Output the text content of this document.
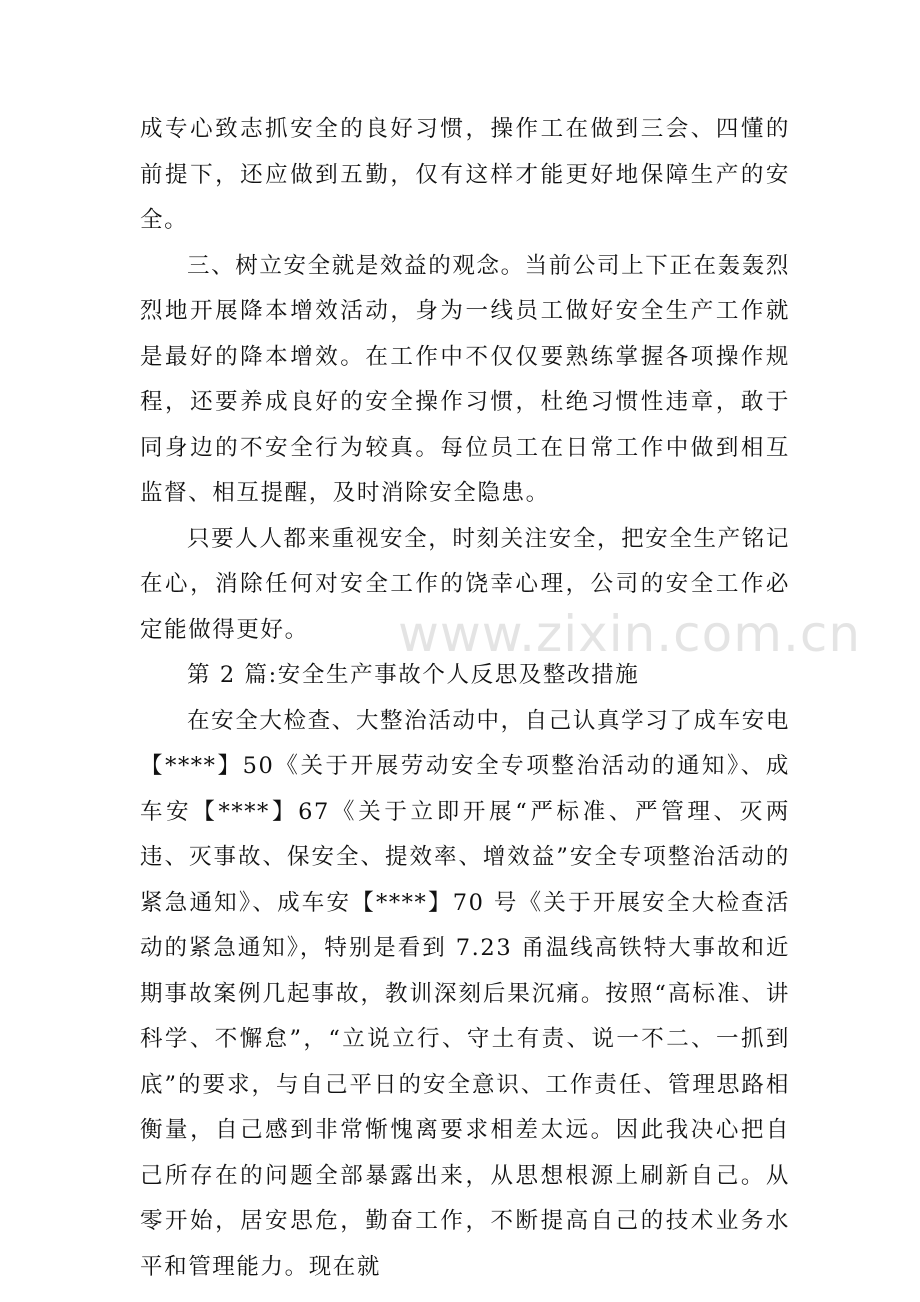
成专心致志抓安全的良好习惯，操作工在做到三会、四懂的前提下，还应做到五勤，仅有这样才能更好地保障生产的安全。

三、树立安全就是效益的观念。当前公司上下正在轰轰烈烈地开展降本增效活动，身为一线员工做好安全生产工作就是最好的降本增效。在工作中不仅仅要熟练掌握各项操作规程，还要养成良好的安全操作习惯，杜绝习惯性违章，敢于同身边的不安全行为较真。每位员工在日常工作中做到相互监督、相互提醒，及时消除安全隐患。

只要人人都来重视安全，时刻关注安全，把安全生产铭记在心，消除任何对安全工作的饶幸心理，公司的安全工作必定能做得更好。

第 2 篇:安全生产事故个人反思及整改措施

在安全大检查、大整治活动中，自己认真学习了成车安电【****】50《关于开展劳动安全专项整治活动的通知》、成车安【****】67《关于立即开展“严标准、严管理、灭两违、灭事故、保安全、提效率、增效益”安全专项整治活动的紧急通知》、成车安【****】70 号《关于开展安全大检查活动的紧急通知》，特别是看到 7.23 甬温线高铁特大事故和近期事故案例几起事故，教训深刻后果沉痛。按照“高标准、讲科学、不懈怠”，“立说立行、守土有责、说一不二、一抓到底”的要求，与自己平日的安全意识、工作责任、管理思路相衡量，自己感到非常惭愧离要求相差太远。因此我决心把自己所存在的问题全部暴露出来，从思想根源上刷新自己。从零开始，居安思危，勤奋工作，不断提高自己的技术业务水平和管理能力。现在就

www.zixin.com.cn
